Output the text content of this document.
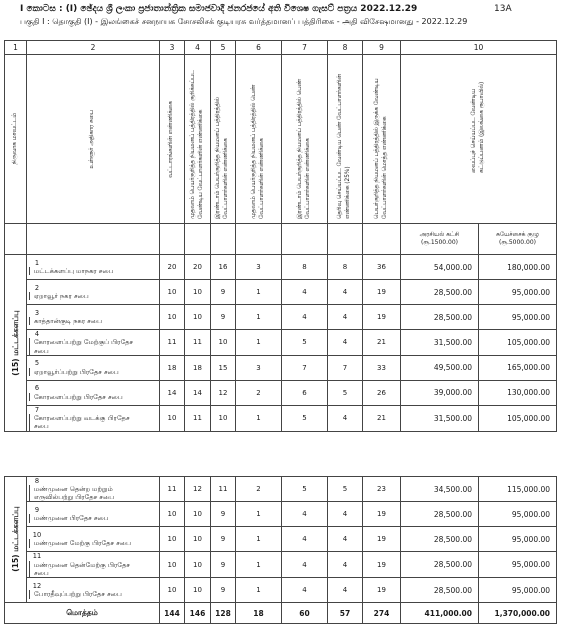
I කොටස : (I) ඡේදය ශ්‍රී ලංකා ප්‍රජාතාන්ත්‍රික සමාජවාදී ජනරජයේ අති විශෙෂ ගැසට් පත්‍රය 2022.12.29	13A
பகுதி I : தொகுதி (I) - இலங்கைச் சனநாயக சோசலிசக் குடியரசு வர்த்தமானப் பத்திரிகை - அதி விசேஷமானது - 2022.12.29
1	2	3	4	5	6	7	8	9	10	

நிருவாக மாவட்டம்	உள்ளூர் அதிகார சபை	வட்டாரங்களின் எண்ணிக்கை	முதலாம் பெயர்குறித்த நியமனப் பத்திரத்தில் குறிக்கப்பட வேண்டிய வேட்பாளர்களின் எண்ணிக்கை	இரண்டாம் பெயர்குறித்த நியமனப் பத்திரத்தில் வேட்பாளர்களின் எண்ணிக்கை	முதலாம் பெயர்குறித்த நியமனப் பத்திரத்தில் பெண் வேட்பாளர்களின் எண்ணிக்கை	இரண்டாம் பெயர்குறித்த நியமனப் பத்திரத்தில் பெண் வேட்பாளர்களின் எண்ணிக்கை	தெரிவு செய்யப்பட வேண்டிய பெண் வேட்பாளர்களின் எண்ணிக்கை (25%)	பெயர்குறித்த நியமனப் பத்திரத்தில் இருக்க வேண்டிய வேட்பாளர்களின் மொத்த எண்ணிக்கை	வைப்புச் செய்யப்பட வேண்டிய கட்டுப்பணம் (இலங்கை ரூபாவில்)	

									அரசியல் கட்சி (ரூ.1500.00)	சுயேச்சைக் குழு (ரூ.5000.00)

(15) மட்டக்களப்பு	1மட்டக்களப்பு மாநகர சபை	20	20	16	3	8	8	36	54,000.00	180,000.00
	2ஏறாவூர் நகர சபை	10	10	9	1	4	4	19	28,500.00	95,000.00
	3காத்தான்குடி நகர சபை	10	10	9	1	4	4	19	28,500.00	95,000.00
	4கோரளைப்பற்று மேற்குப் பிரதேச சபை	11	11	10	1	5	4	21	31,500.00	105,000.00
	5ஏறாவூர்ப்பற்று பிரதேச சபை	18	18	15	3	7	7	33	49,500.00	165,000.00
	6கோரளைப்பற்று பிரதேச சபை	14	14	12	2	6	5	26	39,000.00	130,000.00
	7கோரளைப்பற்று வடக்கு பிரதேச சபை	10	11	10	1	5	4	21	31,500.00	105,000.00

(15) மட்டக்களப்பு	8மண்முனை தென்ற மற்றும் எருவில்பற்று பிரதேச சபை	11	12	11	2	5	5	23	34,500.00	115,000.00
	9மண்முனை பிரதேச சபை	10	10	9	1	4	4	19	28,500.00	95,000.00
	10மண்முனை மேற்கு பிரதேச சபை	10	10	9	1	4	4	19	28,500.00	95,000.00
	11மண்முனை தென்மேற்கு பிரதேச சபை	10	10	9	1	4	4	19	28,500.00	95,000.00
	12போரதீவுப்பற்று பிரதேச சபை	10	10	9	1	4	4	19	28,500.00	95,000.00
மொத்தம்		144	146	128	18	60	57	274	411,000.00	1,370,000.00
